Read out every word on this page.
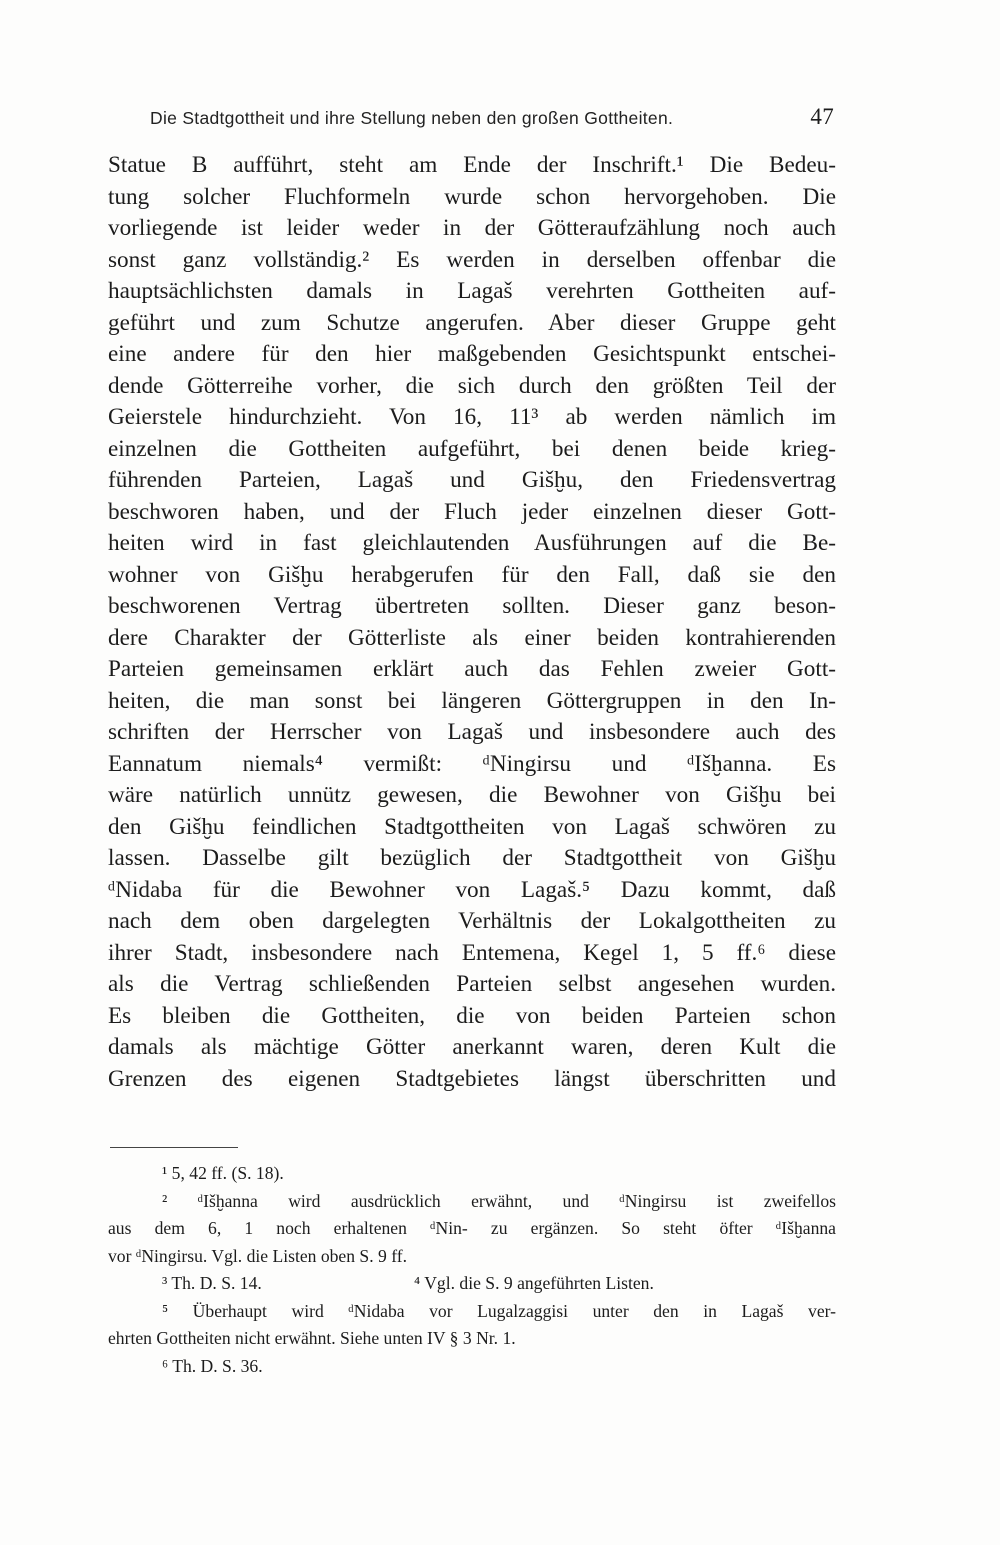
Die Stadtgottheit und ihre Stellung neben den großen Gottheiten.	47
Statue B aufführt, steht am Ende der Inschrift.¹ Die Bedeu-
tung solcher Fluchformeln wurde schon hervorgehoben. Die
vorliegende ist leider weder in der Götteraufzählung noch auch
sonst ganz vollständig.² Es werden in derselben offenbar die
hauptsächlichsten damals in Lagaš verehrten Gottheiten auf-
geführt und zum Schutze angerufen. Aber dieser Gruppe geht
eine andere für den hier maßgebenden Gesichtspunkt entschei-
dende Götterreihe vorher, die sich durch den größten Teil der
Geierstele hindurchzieht. Von 16, 11³ ab werden nämlich im
einzelnen die Gottheiten aufgeführt, bei denen beide krieg-
führenden Parteien, Lagaš und Gišḫu, den Friedensvertrag
beschworen haben, und der Fluch jeder einzelnen dieser Gott-
heiten wird in fast gleichlautenden Ausführungen auf die Be-
wohner von Gišḫu herabgerufen für den Fall, daß sie den
beschworenen Vertrag übertreten sollten. Dieser ganz beson-
dere Charakter der Götterliste als einer beiden kontrahierenden
Parteien gemeinsamen erklärt auch das Fehlen zweier Gott-
heiten, die man sonst bei längeren Göttergruppen in den In-
schriften der Herrscher von Lagaš und insbesondere auch des
Eannatum niemals⁴ vermißt: ᵈNingirsu und ᵈIšḫanna. Es
wäre natürlich unnütz gewesen, die Bewohner von Gišḫu bei
den Gišḫu feindlichen Stadtgottheiten von Lagaš schwören zu
lassen. Dasselbe gilt bezüglich der Stadtgottheit von Gišḫu
ᵈNidaba für die Bewohner von Lagaš.⁵ Dazu kommt, daß
nach dem oben dargelegten Verhältnis der Lokalgottheiten zu
ihrer Stadt, insbesondere nach Entemena, Kegel 1, 5 ff.⁶ diese
als die Vertrag schließenden Parteien selbst angesehen wurden.
Es bleiben die Gottheiten, die von beiden Parteien schon
damals als mächtige Götter anerkannt waren, deren Kult die
Grenzen des eigenen Stadtgebietes längst überschritten und
¹ 5, 42 ff. (S. 18).
² ᵈIšḫanna wird ausdrücklich erwähnt, und ᵈNingirsu ist zweifellos
aus dem 6, 1 noch erhaltenen ᵈNin- zu ergänzen. So steht öfter ᵈIšḫanna
vor ᵈNingirsu. Vgl. die Listen oben S. 9 ff.
³ Th. D. S. 14.	⁴ Vgl. die S. 9 angeführten Listen.
⁵ Überhaupt wird ᵈNidaba vor Lugalzaggisi unter den in Lagaš ver-
ehrten Gottheiten nicht erwähnt. Siehe unten IV § 3 Nr. 1.
⁶ Th. D. S. 36.
